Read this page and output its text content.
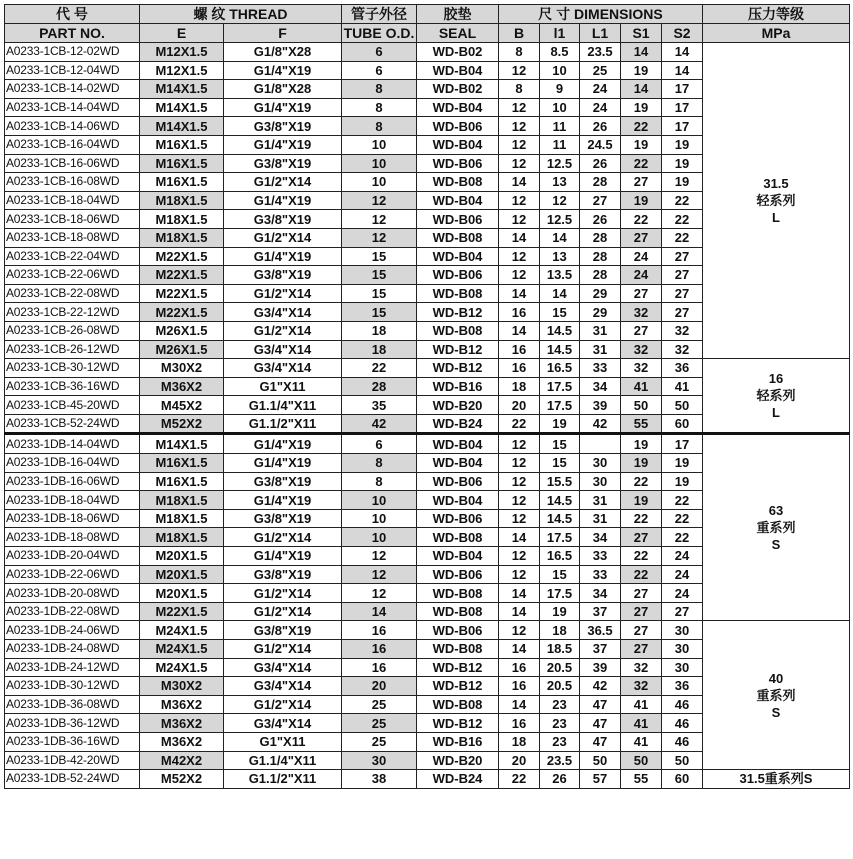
代 号	螺 纹 THREAD		管子外径	胶垫	尺 寸 DIMENSIONS					压力等级
PART NO.	E	F	TUBE O.D.	SEAL	B	l1	L1	S1	S2	MPa
A0233-1CB-12-02WD	M12X1.5	G1/8"X28	6	WD-B02	8	8.5	23.5	14	14	31.5
轻系列
L

A0233-1CB-12-04WD	M12X1.5	G1/4"X19	6	WD-B04	12	10	25	19	14	
A0233-1CB-14-02WD	M14X1.5	G1/8"X28	8	WD-B02	8	9	24	14	17	
A0233-1CB-14-04WD	M14X1.5	G1/4"X19	8	WD-B04	12	10	24	19	17	
A0233-1CB-14-06WD	M14X1.5	G3/8"X19	8	WD-B06	12	11	26	22	17	
A0233-1CB-16-04WD	M16X1.5	G1/4"X19	10	WD-B04	12	11	24.5	19	19	
A0233-1CB-16-06WD	M16X1.5	G3/8"X19	10	WD-B06	12	12.5	26	22	19	
A0233-1CB-16-08WD	M16X1.5	G1/2"X14	10	WD-B08	14	13	28	27	19	
A0233-1CB-18-04WD	M18X1.5	G1/4"X19	12	WD-B04	12	12	27	19	22	
A0233-1CB-18-06WD	M18X1.5	G3/8"X19	12	WD-B06	12	12.5	26	22	22	
A0233-1CB-18-08WD	M18X1.5	G1/2"X14	12	WD-B08	14	14	28	27	22	
A0233-1CB-22-04WD	M22X1.5	G1/4"X19	15	WD-B04	12	13	28	24	27	
A0233-1CB-22-06WD	M22X1.5	G3/8"X19	15	WD-B06	12	13.5	28	24	27	
A0233-1CB-22-08WD	M22X1.5	G1/2"X14	15	WD-B08	14	14	29	27	27	
A0233-1CB-22-12WD	M22X1.5	G3/4"X14	15	WD-B12	16	15	29	32	27	
A0233-1CB-26-08WD	M26X1.5	G1/2"X14	18	WD-B08	14	14.5	31	27	32	
A0233-1CB-26-12WD	M26X1.5	G3/4"X14	18	WD-B12	16	14.5	31	32	32	
A0233-1CB-30-12WD	M30X2	G3/4"X14	22	WD-B12	16	16.5	33	32	36	16
轻系列
L

A0233-1CB-36-16WD	M36X2	G1"X11	28	WD-B16	18	17.5	34	41	41	
A0233-1CB-45-20WD	M45X2	G1.1/4"X11	35	WD-B20	20	17.5	39	50	50	
A0233-1CB-52-24WD	M52X2	G1.1/2"X11	42	WD-B24	22	19	42	55	60	
A0233-1DB-14-04WD	M14X1.5	G1/4"X19	6	WD-B04	12	15		19	17	63
重系列
S

A0233-1DB-16-04WD	M16X1.5	G1/4"X19	8	WD-B04	12	15	30	19	19	
A0233-1DB-16-06WD	M16X1.5	G3/8"X19	8	WD-B06	12	15.5	30	22	19	
A0233-1DB-18-04WD	M18X1.5	G1/4"X19	10	WD-B04	12	14.5	31	19	22	
A0233-1DB-18-06WD	M18X1.5	G3/8"X19	10	WD-B06	12	14.5	31	22	22	
A0233-1DB-18-08WD	M18X1.5	G1/2"X14	10	WD-B08	14	17.5	34	27	22	
A0233-1DB-20-04WD	M20X1.5	G1/4"X19	12	WD-B04	12	16.5	33	22	24	
A0233-1DB-22-06WD	M20X1.5	G3/8"X19	12	WD-B06	12	15	33	22	24	
A0233-1DB-20-08WD	M20X1.5	G1/2"X14	12	WD-B08	14	17.5	34	27	24	
A0233-1DB-22-08WD	M22X1.5	G1/2"X14	14	WD-B08	14	19	37	27	27	
A0233-1DB-24-06WD	M24X1.5	G3/8"X19	16	WD-B06	12	18	36.5	27	30	40
重系列
S

A0233-1DB-24-08WD	M24X1.5	G1/2"X14	16	WD-B08	14	18.5	37	27	30	
A0233-1DB-24-12WD	M24X1.5	G3/4"X14	16	WD-B12	16	20.5	39	32	30	
A0233-1DB-30-12WD	M30X2	G3/4"X14	20	WD-B12	16	20.5	42	32	36	
A0233-1DB-36-08WD	M36X2	G1/2"X14	25	WD-B08	14	23	47	41	46	
A0233-1DB-36-12WD	M36X2	G3/4"X14	25	WD-B12	16	23	47	41	46	
A0233-1DB-36-16WD	M36X2	G1"X11	25	WD-B16	18	23	47	41	46	
A0233-1DB-42-20WD	M42X2	G1.1/4"X11	30	WD-B20	20	23.5	50	50	50	
A0233-1DB-52-24WD	M52X2	G1.1/2"X11	38	WD-B24	22	26	57	55	60	31.5重系列S
